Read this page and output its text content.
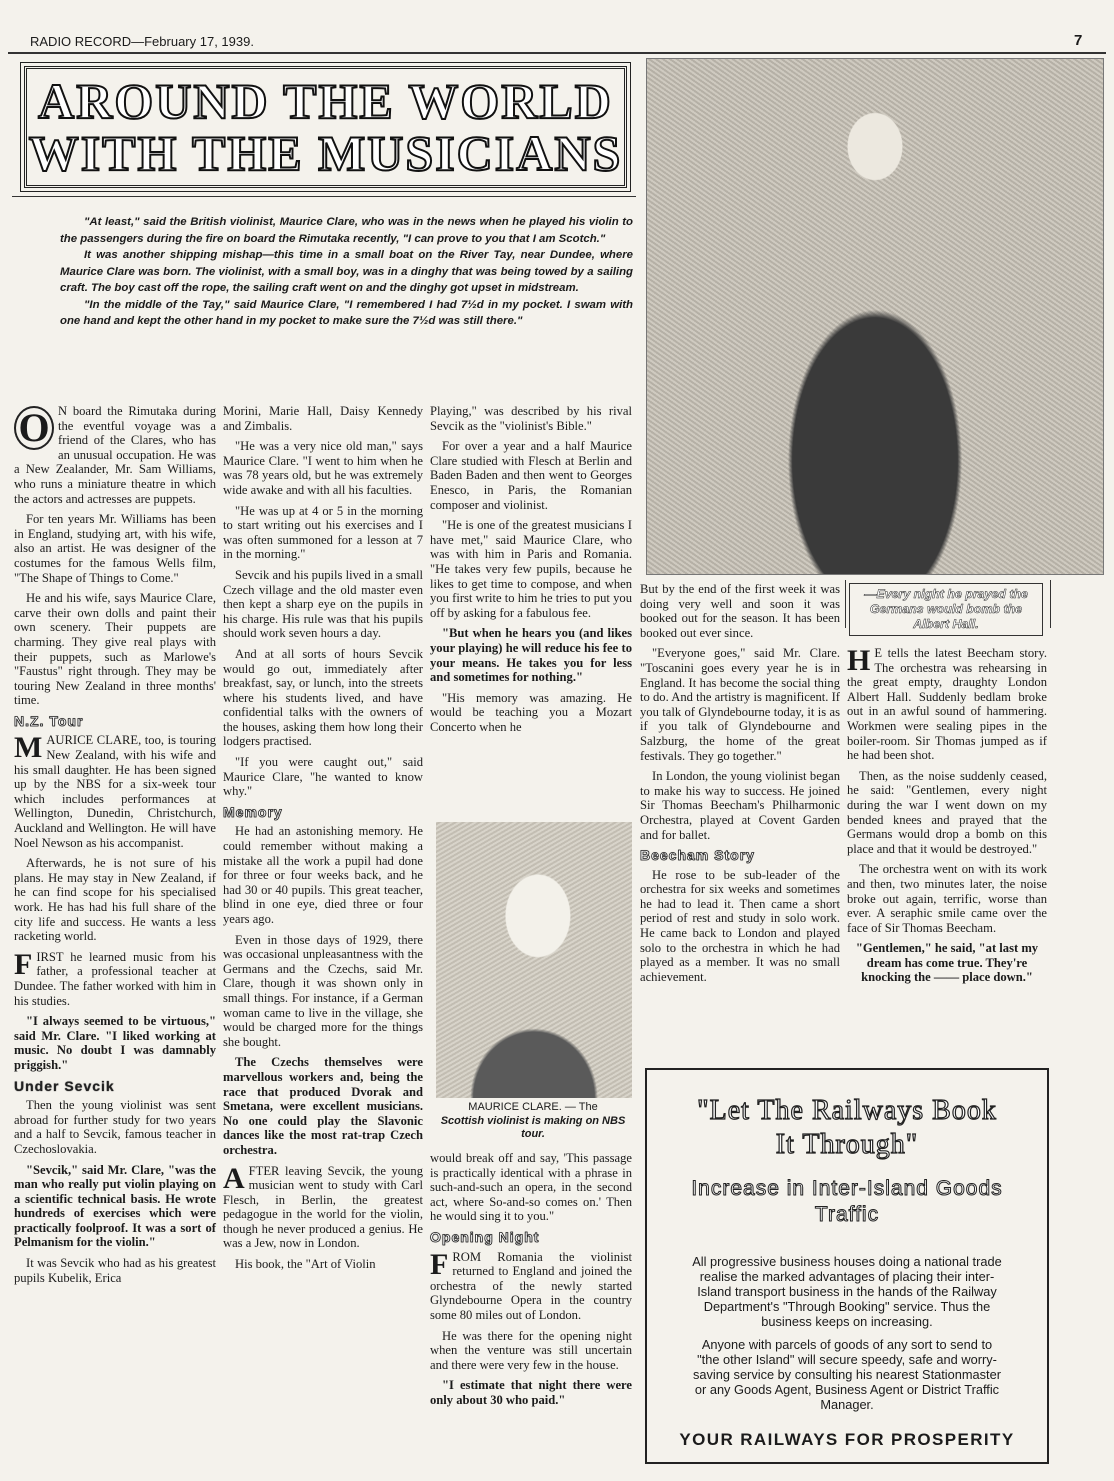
RADIO RECORD—February 17, 1939.	7
AROUND THE WORLD
WITH THE MUSICIANS

"At least," said the British violinist, Maurice Clare, who was in the news when he played his violin to the passengers during the fire on board the Rimutaka recently, "I can prove to you that I am Scotch."

It was another shipping mishap—this time in a small boat on the River Tay, near Dundee, where Maurice Clare was born. The violinist, with a small boy, was in a dinghy that was being towed by a sailing craft. The boy cast off the rope, the sailing craft went on and the dinghy got upset in midstream.

"In the middle of the Tay," said Maurice Clare, "I remembered I had 7½d in my pocket. I swam with one hand and kept the other hand in my pocket to make sure the 7½d was still there."

O N board the Rimutaka during the eventful voyage was a friend of the Clares, who has an unusual occupation. He was a New Zealander, Mr. Sam Williams, who runs a miniature theatre in which the actors and actresses are puppets.

For ten years Mr. Williams has been in England, studying art, with his wife, also an artist. He was designer of the costumes for the famous Wells film, "The Shape of Things to Come."

He and his wife, says Maurice Clare, carve their own dolls and paint their own scenery. Their puppets are charming. They give real plays with their puppets, such as Marlowe's "Faustus" right through. They may be touring New Zealand in three months' time.

N.Z. Tour

MAURICE CLARE, too, is touring New Zealand, with his wife and his small daughter. He has been signed up by the NBS for a six-week tour which includes performances at Wellington, Dunedin, Christchurch, Auckland and Wellington. He will have Noel Newson as his accompanist.

Afterwards, he is not sure of his plans. He may stay in New Zealand, if he can find scope for his specialised work. He has had his full share of the city life and success. He wants a less racketing world.

FIRST he learned music from his father, a professional teacher at Dundee. The father worked with him in his studies.

"I always seemed to be virtuous," said Mr. Clare. "I liked working at music. No doubt I was damnably priggish."

Under Sevcik

Then the young violinist was sent abroad for further study for two years and a half to Sevcik, famous teacher in Czechoslovakia.

"Sevcik," said Mr. Clare, "was the man who really put violin playing on a scientific technical basis. He wrote hundreds of exercises which were practically foolproof. It was a sort of Pelmanism for the violin."

It was Sevcik who had as his greatest pupils Kubelik, Erica

Morini, Marie Hall, Daisy Kennedy and Zimbalis.

"He was a very nice old man," says Maurice Clare. "I went to him when he was 78 years old, but he was extremely wide awake and with all his faculties.

"He was up at 4 or 5 in the morning to start writing out his exercises and I was often summoned for a lesson at 7 in the morning."

Sevcik and his pupils lived in a small Czech village and the old master even then kept a sharp eye on the pupils in his charge. His rule was that his pupils should work seven hours a day.

And at all sorts of hours Sevcik would go out, immediately after breakfast, say, or lunch, into the streets where his students lived, and have confidential talks with the owners of the houses, asking them how long their lodgers practised.

"If you were caught out," said Maurice Clare, "he wanted to know why."

Memory

He had an astonishing memory. He could remember without making a mistake all the work a pupil had done for three or four weeks back, and he had 30 or 40 pupils. This great teacher, blind in one eye, died three or four years ago.

Even in those days of 1929, there was occasional unpleasantness with the Germans and the Czechs, said Mr. Clare, though it was shown only in small things. For instance, if a German woman came to live in the village, she would be charged more for the things she bought.

The Czechs themselves were marvellous workers and, being the race that produced Dvorak and Smetana, were excellent musicians. No one could play the Slavonic dances like the most rat-trap Czech orchestra.

AFTER leaving Sevcik, the young musician went to study with Carl Flesch, in Berlin, the greatest pedagogue in the world for the violin, though he never produced a genius. He was a Jew, now in London.

His book, the "Art of Violin

Playing," was described by his rival Sevcik as the "violinist's Bible."

For over a year and a half Maurice Clare studied with Flesch at Berlin and Baden Baden and then went to Georges Enesco, in Paris, the Romanian composer and violinist.

"He is one of the greatest musicians I have met," said Maurice Clare, who was with him in Paris and Romania. "He takes very few pupils, because he likes to get time to compose, and when you first write to him he tries to put you off by asking for a fabulous fee.

"But when he hears you (and likes your playing) he will reduce his fee to your means. He takes you for less and sometimes for nothing."

"His memory was amazing. He would be teaching you a Mozart Concerto when he

MAURICE CLARE. — The
Scottish violinist is making on NBS tour.

would break off and say, 'This passage is practically identical with a phrase in such-and-such an opera, in the second act, where So-and-so comes on.' Then he would sing it to you."

Opening Night

FROM Romania the violinist returned to England and joined the orchestra of the newly started Glyndebourne Opera in the country some 80 miles out of London.

He was there for the opening night when the venture was still uncertain and there were very few in the house.

"I estimate that night there were only about 30 who paid."

But by the end of the first week it was doing very well and soon it was booked out for the season. It has been booked out ever since.

"Everyone goes," said Mr. Clare. "Toscanini goes every year he is in England. It has become the social thing to do. And the artistry is magnificent. If you talk of Glyndebourne today, it is as if you talk of Glyndebourne and Salzburg, the home of the great festivals. They go together."

In London, the young violinist began to make his way to success. He joined Sir Thomas Beecham's Philharmonic Orchestra, played at Covent Garden and for ballet.

Beecham Story

He rose to be sub-leader of the orchestra for six weeks and sometimes he had to lead it. Then came a short period of rest and study in solo work. He came back to London and played solo to the orchestra in which he had played as a member. It was no small achievement.

—Every night he prayed the Germans would bomb the Albert Hall.

H E tells the latest Beecham story. The orchestra was rehearsing in the great empty, draughty London Albert Hall. Suddenly bedlam broke out in an awful sound of hammering. Workmen were sealing pipes in the boiler-room. Sir Thomas jumped as if he had been shot.

Then, as the noise suddenly ceased, he said: "Gentlemen, every night during the war I went down on my bended knees and prayed that the Germans would drop a bomb on this place and that it would be destroyed."

The orchestra went on with its work and then, two minutes later, the noise broke out again, terrific, worse than ever. A seraphic smile came over the face of Sir Thomas Beecham.

"Gentlemen," he said, "at last my dream has come true. They're knocking the —— place down."

"Let The Railways Book
It Through"
Increase in Inter-Island Goods
Traffic

All progressive business houses doing a national trade realise the marked advantages of placing their inter-Island transport business in the hands of the Railway Department's "Through Booking" service. Thus the business keeps on increasing.

Anyone with parcels of goods of any sort to send to "the other Island" will secure speedy, safe and worry-saving service by consulting his nearest Stationmaster or any Goods Agent, Business Agent or District Traffic Manager.

YOUR RAILWAYS FOR PROSPERITY
